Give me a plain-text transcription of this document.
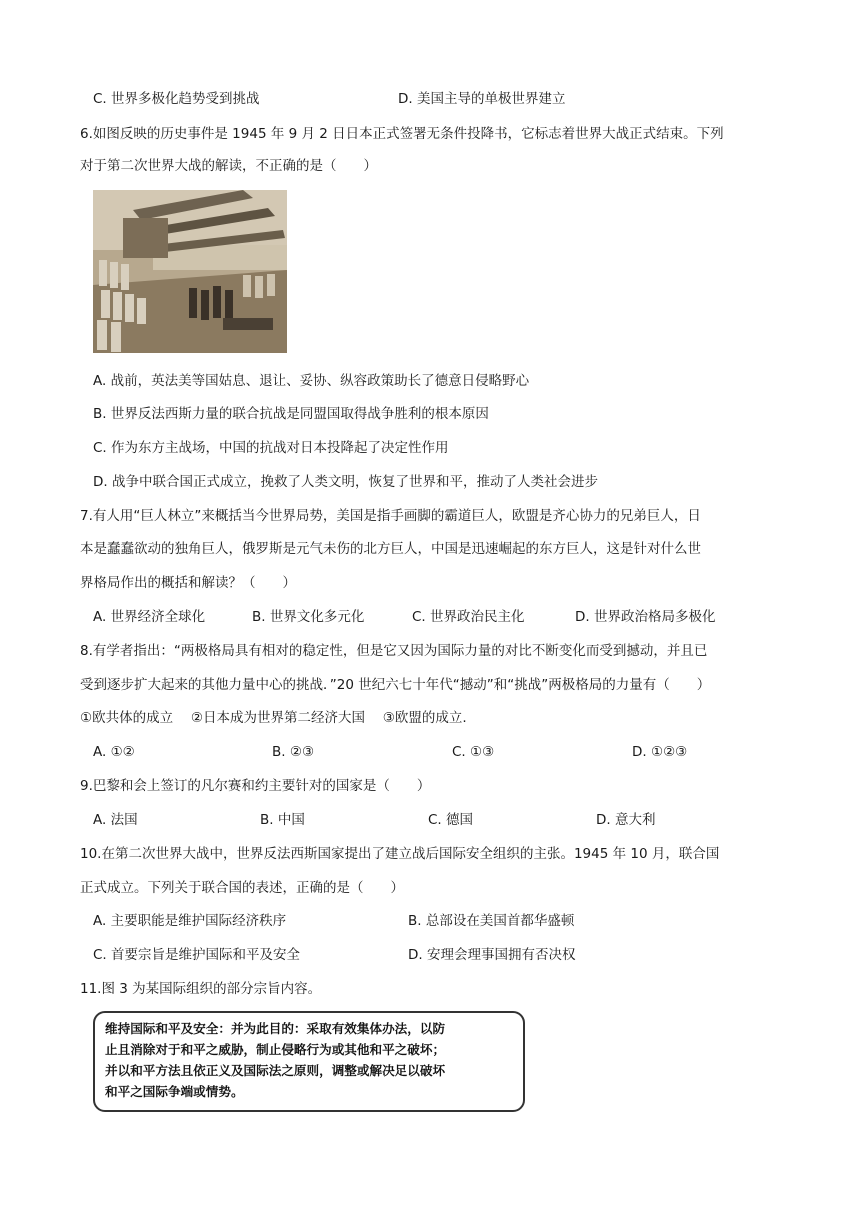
C. 世界多极化趋势受到挑战	D. 美国主导的单极世界建立
6.如图反映的历史事件是 1945 年 9 月 2 日日本正式签署无条件投降书，它标志着世界大战正式结束。下列
对于第二次世界大战的解读，不正确的是（　　）
A. 战前，英法美等国姑息、退让、妥协、纵容政策助长了德意日侵略野心
B. 世界反法西斯力量的联合抗战是同盟国取得战争胜利的根本原因
C. 作为东方主战场，中国的抗战对日本投降起了决定性作用
D. 战争中联合国正式成立，挽救了人类文明，恢复了世界和平，推动了人类社会进步
7.有人用“巨人林立”来概括当今世界局势，美国是指手画脚的霸道巨人，欧盟是齐心协力的兄弟巨人，日
本是蠢蠢欲动的独角巨人，俄罗斯是元气未伤的北方巨人，中国是迅速崛起的东方巨人，这是针对什么世
界格局作出的概括和解读？（　　）
A. 世界经济全球化	B. 世界文化多元化	C. 世界政治民主化	D. 世界政治格局多极化
8.有学者指出：“两极格局具有相对的稳定性，但是它又因为国际力量的对比不断变化而受到撼动，并且已
受到逐步扩大起来的其他力量中心的挑战．”20 世纪六七十年代“撼动”和“挑战”两极格局的力量有（　　）
①欧共体的成立　 ②日本成为世界第二经济大国　 ③欧盟的成立.
A. ①②	B. ②③	C. ①③	D. ①②③
9.巴黎和会上签订的凡尔赛和约主要针对的国家是（　　）
A. 法国	B. 中国	C. 德国	D. 意大利
10.在第二次世界大战中，世界反法西斯国家提出了建立战后国际安全组织的主张。1945 年 10 月，联合国
正式成立。下列关于联合国的表述，正确的是（　　）
A. 主要职能是维护国际经济秩序	B. 总部设在美国首都华盛顿
C. 首要宗旨是维护国际和平及安全	D. 安理会理事国拥有否决权
11.图 3 为某国际组织的部分宗旨内容。
维持国际和平及安全：并为此目的：采取有效集体办法，以防
止且消除对于和平之威胁，制止侵略行为或其他和平之破坏；
并以和平方法且依正义及国际法之原则，调整或解决足以破坏
和平之国际争端或情势。
